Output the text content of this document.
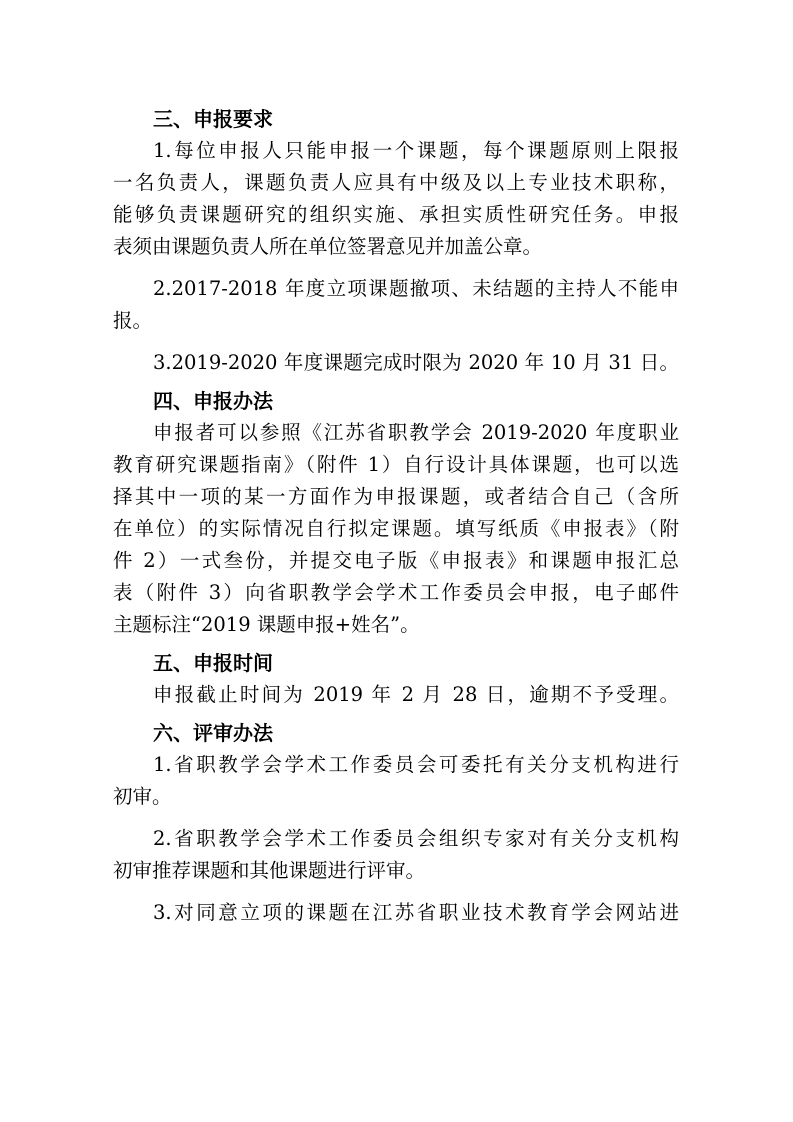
三、申报要求
1.每位申报人只能申报一个课题，每个课题原则上限报
一名负责人，课题负责人应具有中级及以上专业技术职称，
能够负责课题研究的组织实施、承担实质性研究任务。申报
表须由课题负责人所在单位签署意见并加盖公章。
2.2017-2018 年度立项课题撤项、未结题的主持人不能申
报。
3.2019-2020 年度课题完成时限为 2020 年 10 月 31 日。
四、申报办法
申报者可以参照《江苏省职教学会 2019-2020 年度职业
教育研究课题指南》（附件 1）自行设计具体课题，也可以选
择其中一项的某一方面作为申报课题，或者结合自己（含所
在单位）的实际情况自行拟定课题。填写纸质《申报表》（附
件 2）一式叁份，并提交电子版《申报表》和课题申报汇总
表（附件 3）向省职教学会学术工作委员会申报，电子邮件
主题标注“2019 课题申报+姓名”。
五、申报时间
申报截止时间为 2019 年 2 月 28 日，逾期不予受理。
六、评审办法
1.省职教学会学术工作委员会可委托有关分支机构进行
初审。
2.省职教学会学术工作委员会组织专家对有关分支机构
初审推荐课题和其他课题进行评审。
3.对同意立项的课题在江苏省职业技术教育学会网站进
